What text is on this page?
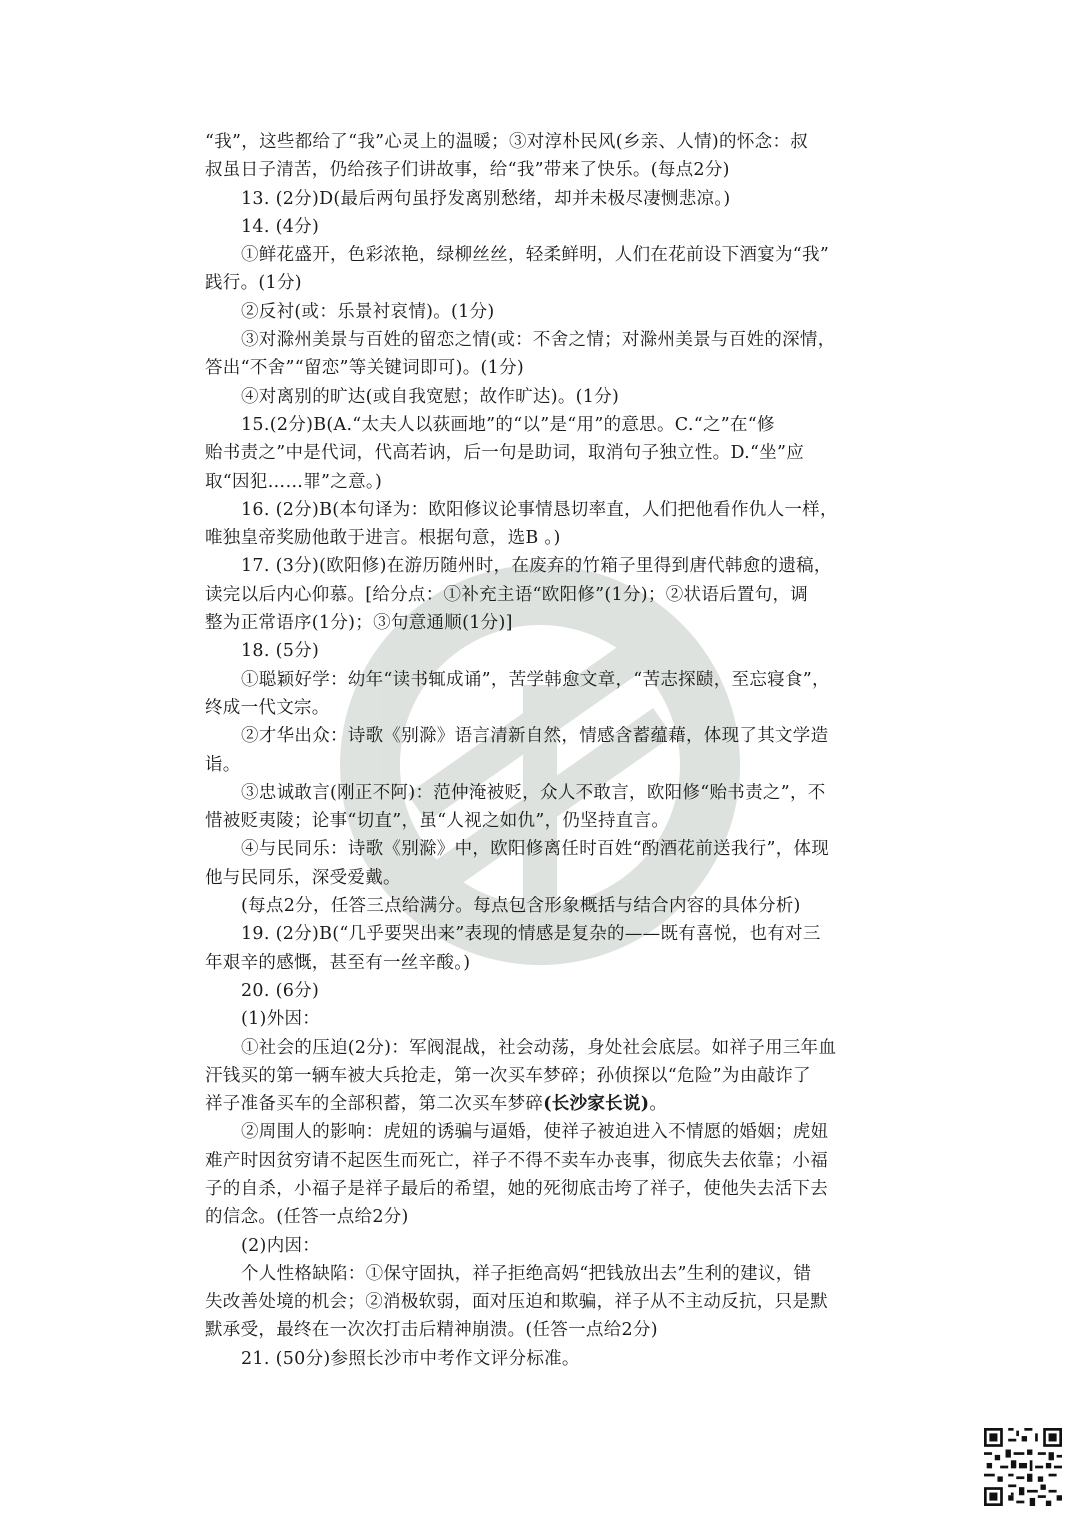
“我”，这些都给了“我”心灵上的温暖；③对淳朴民风(乡亲、人情)的怀念：叔
叔虽日子清苦，仍给孩子们讲故事，给“我”带来了快乐。(每点2分)
13. (2分)D(最后两句虽抒发离别愁绪，却并未极尽凄恻悲凉。)
14. (4分)
①鲜花盛开，色彩浓艳，绿柳丝丝，轻柔鲜明，人们在花前设下酒宴为“我”
践行。(1分)
②反衬(或：乐景衬哀情)。(1分)
③对滁州美景与百姓的留恋之情(或：不舍之情；对滁州美景与百姓的深情，
答出“不舍”“留恋”等关键词即可)。(1分)
④对离别的旷达(或自我宽慰；故作旷达)。(1分)
15.(2分)B(A.“太夫人以荻画地”的“以”是“用”的意思。C.“之”在“修
贻书责之”中是代词，代高若讷，后一句是助词，取消句子独立性。D.“坐”应
取“因犯……罪”之意。)
16. (2分)B(本句译为：欧阳修议论事情恳切率直，人们把他看作仇人一样，
唯独皇帝奖励他敢于进言。根据句意，选B 。)
17. (3分)(欧阳修)在游历随州时，在废弃的竹箱子里得到唐代韩愈的遗稿，
读完以后内心仰慕。[给分点：①补充主语“欧阳修”(1分)；②状语后置句，调
整为正常语序(1分)；③句意通顺(1分)]
18. (5分)
①聪颖好学：幼年“读书辄成诵”，苦学韩愈文章，“苦志探赜，至忘寝食”，
终成一代文宗。
②才华出众：诗歌《别滁》语言清新自然，情感含蓄蕴藉，体现了其文学造
诣。
③忠诚敢言(刚正不阿)：范仲淹被贬，众人不敢言，欧阳修“贻书责之”，不
惜被贬夷陵；论事“切直”，虽“人视之如仇”，仍坚持直言。
④与民同乐：诗歌《别滁》中，欧阳修离任时百姓“酌酒花前送我行”，体现
他与民同乐，深受爱戴。
(每点2分，任答三点给满分。每点包含形象概括与结合内容的具体分析)
19. (2分)B(“几乎要哭出来”表现的情感是复杂的——既有喜悦，也有对三
年艰辛的感慨，甚至有一丝辛酸。)
20. (6分)
(1)外因：
①社会的压迫(2分)：军阀混战，社会动荡，身处社会底层。如祥子用三年血
汗钱买的第一辆车被大兵抢走，第一次买车梦碎；孙侦探以“危险”为由敲诈了
祥子准备买车的全部积蓄，第二次买车梦碎(长沙家长说)。
②周围人的影响：虎妞的诱骗与逼婚，使祥子被迫进入不情愿的婚姻；虎妞
难产时因贫穷请不起医生而死亡，祥子不得不卖车办丧事，彻底失去依靠；小福
子的自杀，小福子是祥子最后的希望，她的死彻底击垮了祥子，使他失去活下去
的信念。(任答一点给2分)
(2)内因：
个人性格缺陷：①保守固执，祥子拒绝高妈“把钱放出去”生利的建议，错
失改善处境的机会；②消极软弱，面对压迫和欺骗，祥子从不主动反抗，只是默
默承受，最终在一次次打击后精神崩溃。(任答一点给2分)
21. (50分)参照长沙市中考作文评分标准。
